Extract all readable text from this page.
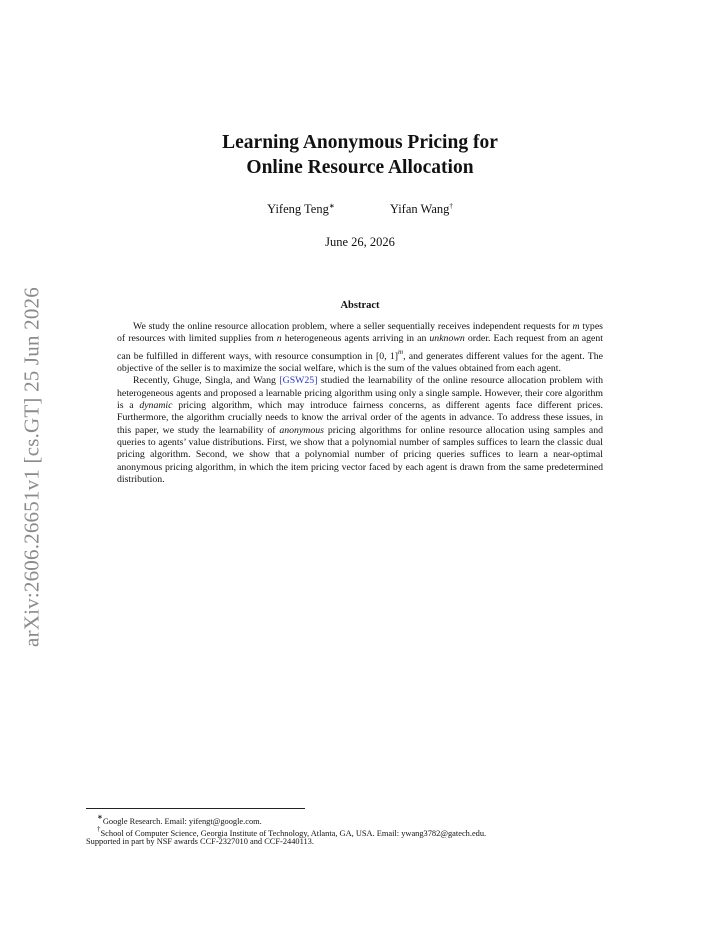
arXiv:2606.26651v1 [cs.GT] 25 Jun 2026
Learning Anonymous Pricing for
Online Resource Allocation
Yifeng Teng∗	Yifan Wang†
June 26, 2026
Abstract

We study the online resource allocation problem, where a seller sequentially receives independent requests for m types of resources with limited supplies from n heterogeneous agents arriving in an unknown order. Each request from an agent can be fulfilled in different ways, with resource consumption in [0, 1]$^m$, and generates different values for the agent. The objective of the seller is to maximize the social welfare, which is the sum of the values obtained from each agent.

Recently, Ghuge, Singla, and Wang [GSW25] studied the learnability of the online resource allocation problem with heterogeneous agents and proposed a learnable pricing algorithm using only a single sample. However, their core algorithm is a dynamic pricing algorithm, which may introduce fairness concerns, as different agents face different prices. Furthermore, the algorithm crucially needs to know the arrival order of the agents in advance. To address these issues, in this paper, we study the learnability of anonymous pricing algorithms for online resource allocation using samples and queries to agents’ value distributions. First, we show that a polynomial number of samples suffices to learn the classic dual pricing algorithm. Second, we show that a polynomial number of pricing queries suffices to learn a near-optimal anonymous pricing algorithm, in which the item pricing vector faced by each agent is drawn from the same predetermined distribution.

∗Google Research. Email: yifengt@google.com.
†School of Computer Science, Georgia Institute of Technology, Atlanta, GA, USA. Email: ywang3782@gatech.edu.
Supported in part by NSF awards CCF-2327010 and CCF-2440113.
